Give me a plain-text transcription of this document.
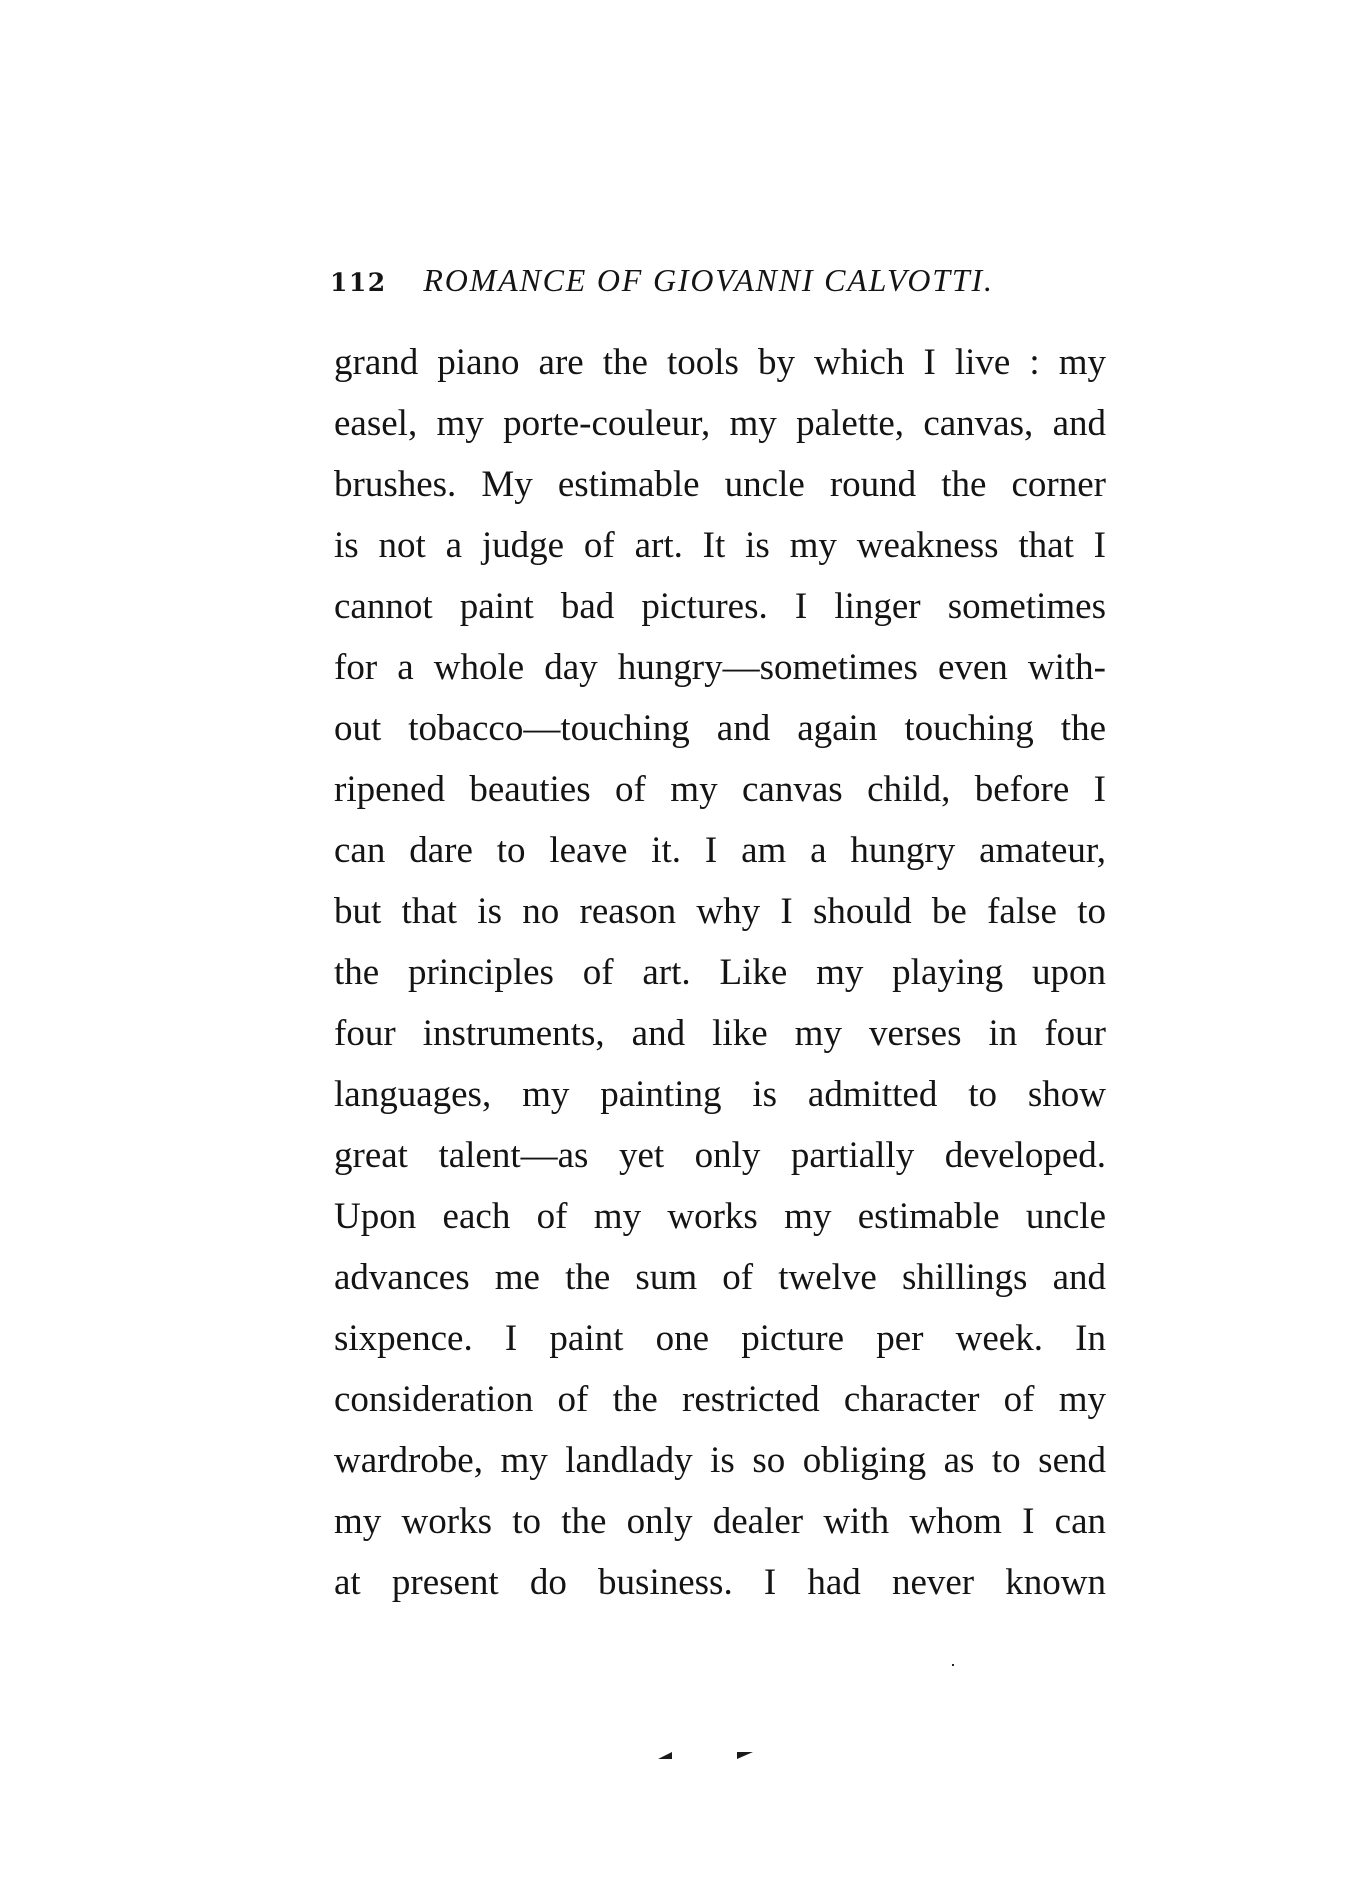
112 ROMANCE OF GIOVANNI CALVOTTI.
grand piano are the tools by which I live : my
easel, my porte-couleur, my palette, canvas, and
brushes. My estimable uncle round the corner
is not a judge of art. It is my weakness that I
cannot paint bad pictures. I linger sometimes
for a whole day hungry—sometimes even with-
out tobacco—touching and again touching the
ripened beauties of my canvas child, before I
can dare to leave it. I am a hungry amateur,
but that is no reason why I should be false to
the principles of art. Like my playing upon
four instruments, and like my verses in four
languages, my painting is admitted to show
great talent—as yet only partially developed.
Upon each of my works my estimable uncle
advances me the sum of twelve shillings and
sixpence. I paint one picture per week. In
consideration of the restricted character of my
wardrobe, my landlady is so obliging as to send
my works to the only dealer with whom I can
at present do business. I had never known
